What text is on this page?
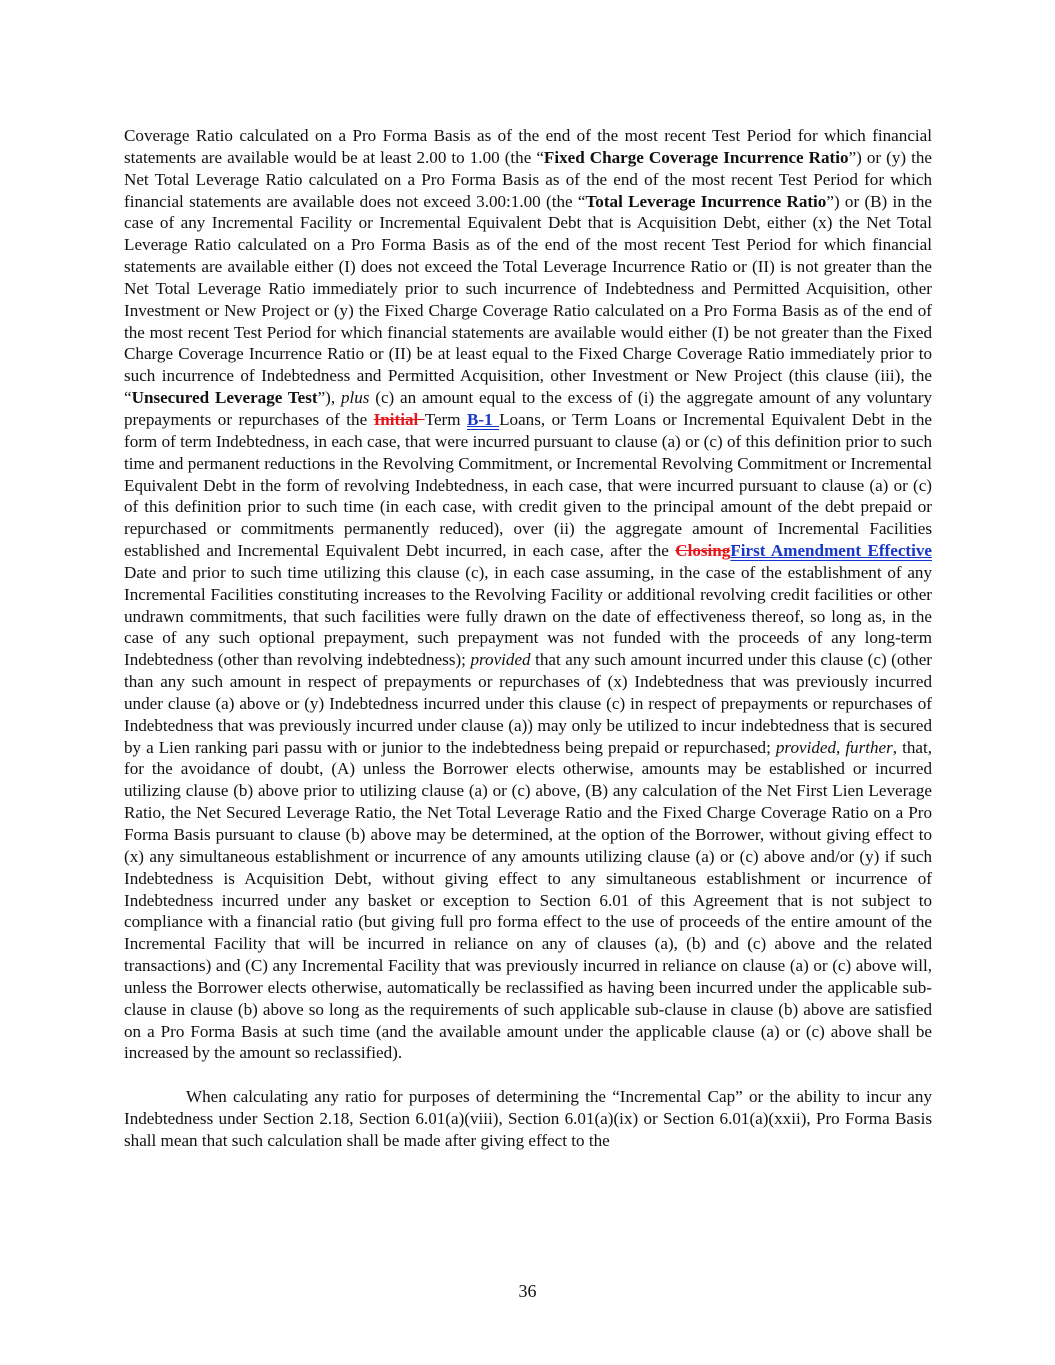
Coverage Ratio calculated on a Pro Forma Basis as of the end of the most recent Test Period for which financial statements are available would be at least 2.00 to 1.00 (the “Fixed Charge Coverage Incurrence Ratio”) or (y) the Net Total Leverage Ratio calculated on a Pro Forma Basis as of the end of the most recent Test Period for which financial statements are available does not exceed 3.00:1.00 (the “Total Leverage Incurrence Ratio”) or (B) in the case of any Incremental Facility or Incremental Equivalent Debt that is Acquisition Debt, either (x) the Net Total Leverage Ratio calculated on a Pro Forma Basis as of the end of the most recent Test Period for which financial statements are available either (I) does not exceed the Total Leverage Incurrence Ratio or (II) is not greater than the Net Total Leverage Ratio immediately prior to such incurrence of Indebtedness and Permitted Acquisition, other Investment or New Project or (y) the Fixed Charge Coverage Ratio calculated on a Pro Forma Basis as of the end of the most recent Test Period for which financial statements are available would either (I) be not greater than the Fixed Charge Coverage Incurrence Ratio or (II) be at least equal to the Fixed Charge Coverage Ratio immediately prior to such incurrence of Indebtedness and Permitted Acquisition, other Investment or New Project (this clause (iii), the “Unsecured Leverage Test”), plus (c) an amount equal to the excess of (i) the aggregate amount of any voluntary prepayments or repurchases of the Initial Term B-1 Loans, or Term Loans or Incremental Equivalent Debt in the form of term Indebtedness, in each case, that were incurred pursuant to clause (a) or (c) of this definition prior to such time and permanent reductions in the Revolving Commitment, or Incremental Revolving Commitment or Incremental Equivalent Debt in the form of revolving Indebtedness, in each case, that were incurred pursuant to clause (a) or (c) of this definition prior to such time (in each case, with credit given to the principal amount of the debt prepaid or repurchased or commitments permanently reduced), over (ii) the aggregate amount of Incremental Facilities established and Incremental Equivalent Debt incurred, in each case, after the ClosingFirst Amendment Effective Date and prior to such time utilizing this clause (c), in each case assuming, in the case of the establishment of any Incremental Facilities constituting increases to the Revolving Facility or additional revolving credit facilities or other undrawn commitments, that such facilities were fully drawn on the date of effectiveness thereof, so long as, in the case of any such optional prepayment, such prepayment was not funded with the proceeds of any long-term Indebtedness (other than revolving indebtedness); provided that any such amount incurred under this clause (c) (other than any such amount in respect of prepayments or repurchases of (x) Indebtedness that was previously incurred under clause (a) above or (y) Indebtedness incurred under this clause (c) in respect of prepayments or repurchases of Indebtedness that was previously incurred under clause (a)) may only be utilized to incur indebtedness that is secured by a Lien ranking pari passu with or junior to the indebtedness being prepaid or repurchased; provided, further, that, for the avoidance of doubt, (A) unless the Borrower elects otherwise, amounts may be established or incurred utilizing clause (b) above prior to utilizing clause (a) or (c) above, (B) any calculation of the Net First Lien Leverage Ratio, the Net Secured Leverage Ratio, the Net Total Leverage Ratio and the Fixed Charge Coverage Ratio on a Pro Forma Basis pursuant to clause (b) above may be determined, at the option of the Borrower, without giving effect to (x) any simultaneous establishment or incurrence of any amounts utilizing clause (a) or (c) above and/or (y) if such Indebtedness is Acquisition Debt, without giving effect to any simultaneous establishment or incurrence of Indebtedness incurred under any basket or exception to Section 6.01 of this Agreement that is not subject to compliance with a financial ratio (but giving full pro forma effect to the use of proceeds of the entire amount of the Incremental Facility that will be incurred in reliance on any of clauses (a), (b) and (c) above and the related transactions) and (C) any Incremental Facility that was previously incurred in reliance on clause (a) or (c) above will, unless the Borrower elects otherwise, automatically be reclassified as having been incurred under the applicable sub-clause in clause (b) above so long as the requirements of such applicable sub-clause in clause (b) above are satisfied on a Pro Forma Basis at such time (and the available amount under the applicable clause (a) or (c) above shall be increased by the amount so reclassified).

When calculating any ratio for purposes of determining the “Incremental Cap” or the ability to incur any Indebtedness under Section 2.18, Section 6.01(a)(viii), Section 6.01(a)(ix) or Section 6.01(a)(xxii), Pro Forma Basis shall mean that such calculation shall be made after giving effect to the

36
